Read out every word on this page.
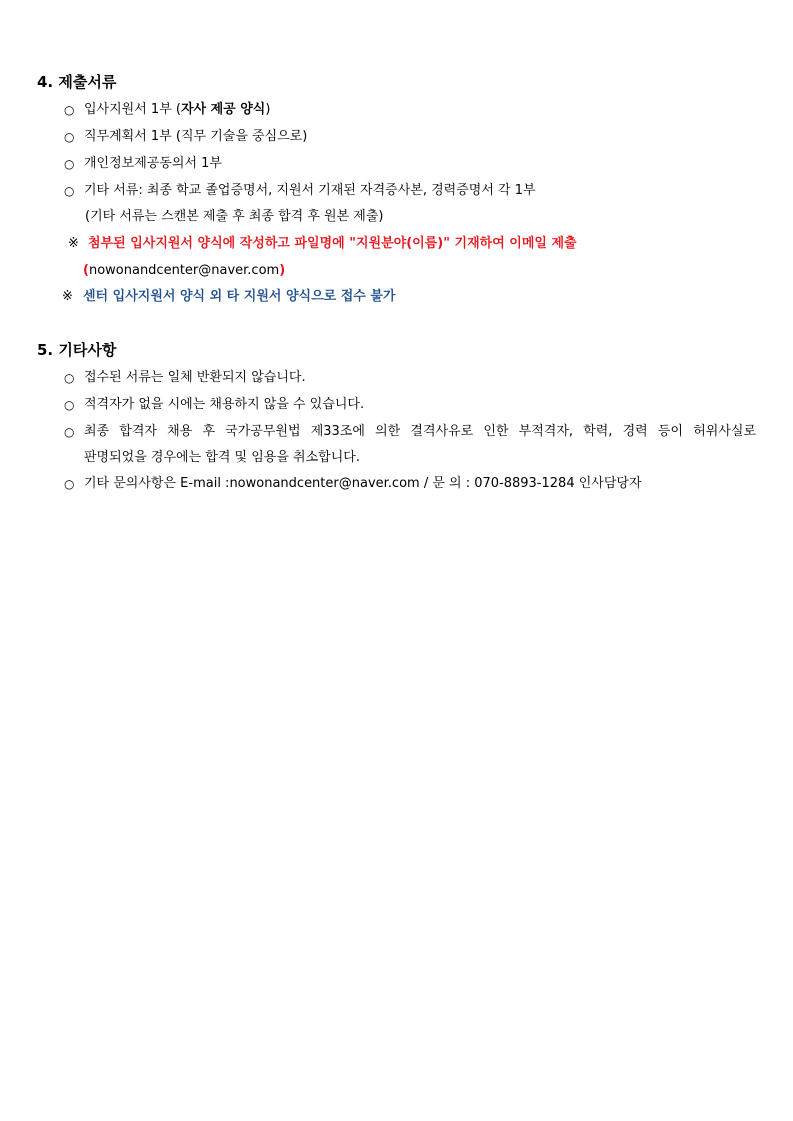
4. 제출서류
○ 입사지원서 1부 (자사 제공 양식)
○ 직무계획서 1부 (직무 기술을 중심으로)
○ 개인정보제공동의서 1부
○ 기타 서류: 최종 학교 졸업증명서, 지원서 기재된 자격증사본, 경력증명서 각 1부
(기타 서류는 스캔본 제출 후 최종 합격 후 원본 제출)
※ 첨부된 입사지원서 양식에 작성하고 파일명에 "지원분야(이름)" 기재하여 이메일 제출
(nowonandcenter@naver.com)
※ 센터 입사지원서 양식 외 타 지원서 양식으로 접수 불가
5. 기타사항
○ 접수된 서류는 일체 반환되지 않습니다.
○ 적격자가 없을 시에는 채용하지 않을 수 있습니다.
○ 최종 합격자 채용 후 국가공무원법 제33조에 의한 결격사유로 인한 부적격자, 학력, 경력 등이 허위사실로
판명되었을 경우에는 합격 및 임용을 취소합니다.
○ 기타 문의사항은 E-mail :nowonandcenter@naver.com / 문 의 : 070-8893-1284 인사담당자
